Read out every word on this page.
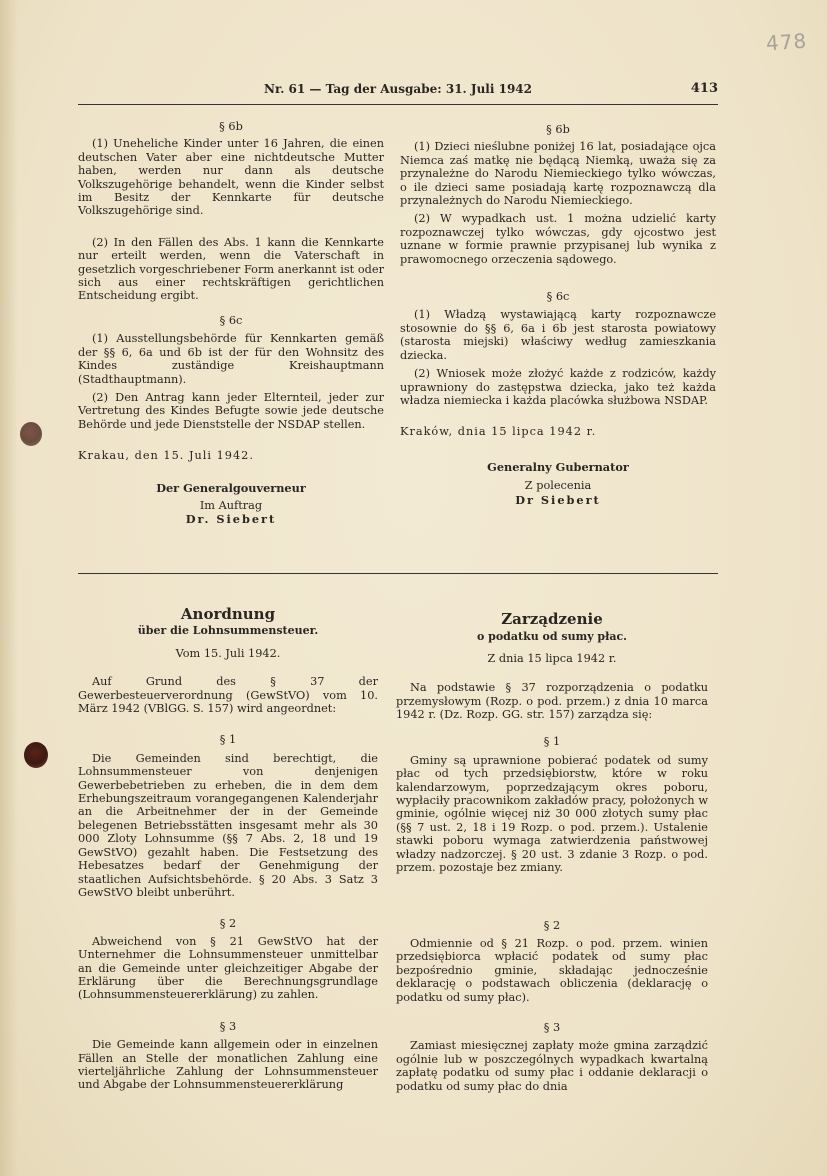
478
Nr. 61 — Tag der Ausgabe: 31. Juli 1942	413

§ 6b

(1) Uneheliche Kinder unter 16 Jahren, die einen deutschen Vater aber eine nichtdeutsche Mutter haben, werden nur dann als deutsche Volkszugehörige behandelt, wenn die Kinder selbst im Besitz der Kennkarte für deutsche Volkszugehörige sind.

(2) In den Fällen des Abs. 1 kann die Kennkarte nur erteilt werden, wenn die Vaterschaft in gesetzlich vorgeschriebener Form anerkannt ist oder sich aus einer rechtskräftigen gerichtlichen Entscheidung ergibt.

§ 6c

(1) Ausstellungsbehörde für Kennkarten gemäß der §§ 6, 6a und 6b ist der für den Wohnsitz des Kindes zuständige Kreishauptmann (Stadthauptmann).

(2) Den Antrag kann jeder Elternteil, jeder zur Vertretung des Kindes Befugte sowie jede deutsche Behörde und jede Dienststelle der NSDAP stellen.

Krakau, den 15. Juli 1942.

Der Generalgouverneur

Im Auftrag

Dr. Siebert

§ 6b

(1) Dzieci nieślubne poniżej 16 lat, posiadające ojca Niemca zaś matkę nie będącą Niemką, uważa się za przynależne do Narodu Niemieckiego tylko wówczas, o ile dzieci same posiadają kartę rozpoznawczą dla przynależnych do Narodu Niemieckiego.

(2) W wypadkach ust. 1 można udzielić karty rozpoznawczej tylko wówczas, gdy ojcostwo jest uznane w formie prawnie przypisanej lub wynika z prawomocnego orzeczenia sądowego.

§ 6c

(1) Władzą wystawiającą karty rozpoznawcze stosownie do §§ 6, 6a i 6b jest starosta powiatowy (starosta miejski) właściwy według zamieszkania dziecka.

(2) Wniosek może złożyć każde z rodziców, każdy uprawniony do zastępstwa dziecka, jako też każda władza niemiecka i każda placówka służbowa NSDAP.

Kraków, dnia 15 lipca 1942 r.

Generalny Gubernator

Z polecenia

Dr Siebert

Anordnung

über die Lohnsummensteuer.

Vom 15. Juli 1942.

Auf Grund des § 37 der Gewerbesteuerverordnung (GewStVO) vom 10. März 1942 (VBlGG. S. 157) wird angeordnet:

§ 1

Die Gemeinden sind berechtigt, die Lohnsummensteuer von denjenigen Gewerbebetrieben zu erheben, die in dem dem Erhebungszeitraum vorangegangenen Kalenderjahr an die Arbeitnehmer der in der Gemeinde belegenen Betriebsstätten insgesamt mehr als 30 000 Zloty Lohnsumme (§§ 7 Abs. 2, 18 und 19 GewStVO) gezahlt haben. Die Festsetzung des Hebesatzes bedarf der Genehmigung der staatlichen Aufsichtsbehörde. § 20 Abs. 3 Satz 3 GewStVO bleibt unberührt.

§ 2

Abweichend von § 21 GewStVO hat der Unternehmer die Lohnsummensteuer unmittelbar an die Gemeinde unter gleichzeitiger Abgabe der Erklärung über die Berechnungsgrundlage (Lohnsummensteuererklärung) zu zahlen.

§ 3

Die Gemeinde kann allgemein oder in einzelnen Fällen an Stelle der monatlichen Zahlung eine vierteljährliche Zahlung der Lohnsummensteuer und Abgabe der Lohnsummensteuererklärung

Zarządzenie

o podatku od sumy płac.

Z dnia 15 lipca 1942 r.

Na podstawie § 37 rozporządzenia o podatku przemysłowym (Rozp. o pod. przem.) z dnia 10 marca 1942 r. (Dz. Rozp. GG. str. 157) zarządza się:

§ 1

Gminy są uprawnione pobierać podatek od sumy płac od tych przedsiębiorstw, które w roku kalendarzowym, poprzedzającym okres poboru, wypłaciły pracownikom zakładów pracy, położonych w gminie, ogólnie więcej niż 30 000 złotych sumy płac (§§ 7 ust. 2, 18 i 19 Rozp. o pod. przem.). Ustalenie stawki poboru wymaga zatwierdzenia państwowej władzy nadzorczej. § 20 ust. 3 zdanie 3 Rozp. o pod. przem. pozostaje bez zmiany.

§ 2

Odmiennie od § 21 Rozp. o pod. przem. winien przedsiębiorca wpłacić podatek od sumy płac bezpośrednio gminie, składając jednocześnie deklarację o podstawach obliczenia (deklarację o podatku od sumy płac).

§ 3

Zamiast miesięcznej zapłaty może gmina zarządzić ogólnie lub w poszczególnych wypadkach kwartalną zapłatę podatku od sumy płac i oddanie deklaracji o podatku od sumy płac do dnia
